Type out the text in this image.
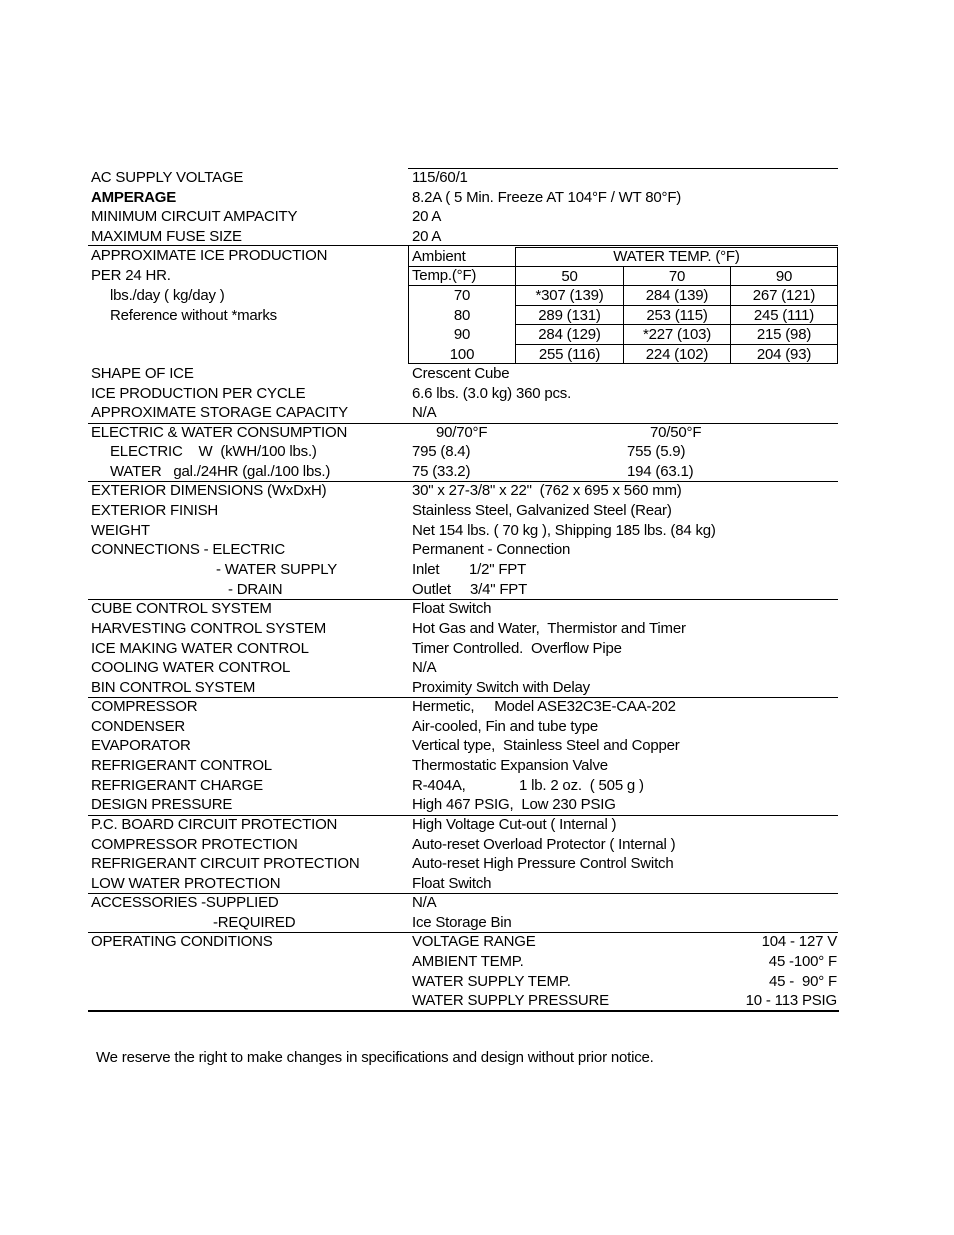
AC SUPPLY VOLTAGE	115/60/1
AMPERAGE	8.2A ( 5 Min. Freeze AT 104°F / WT 80°F)
MINIMUM CIRCUIT AMPACITY	20 A
MAXIMUM FUSE SIZE	20 A
APPROXIMATE ICE PRODUCTION
PER 24 HR.
lbs./day ( kg/day )
Reference without *marks
Ambient
Temp.(°F)
WATER TEMP. (°F)
50	70	90
70	*307 (139)	284 (139)	267 (121)
80	289 (131)	253 (115)	245 (111)
90	284 (129)	*227 (103)	215 (98)
100	255 (116)	224 (102)	204 (93)
SHAPE OF ICE	Crescent Cube
ICE PRODUCTION PER CYCLE	6.6 lbs. (3.0 kg) 360 pcs.
APPROXIMATE STORAGE CAPACITY	N/A
ELECTRIC & WATER CONSUMPTION	90/70°F	70/50°F
ELECTRIC    W  (kWH/100 lbs.)	795 (8.4)	755 (5.9)
WATER   gal./24HR (gal./100 lbs.)	75 (33.2)	194 (63.1)
EXTERIOR DIMENSIONS (WxDxH)	30" x 27-3/8" x 22"  (762 x 695 x 560 mm)
EXTERIOR FINISH	Stainless Steel, Galvanized Steel (Rear)
WEIGHT	Net 154 lbs. ( 70 kg ), Shipping 185 lbs. (84 kg)
CONNECTIONS - ELECTRIC	Permanent - Connection
- WATER SUPPLY	Inlet 1/2" FPT
- DRAIN	Outlet 3/4" FPT
CUBE CONTROL SYSTEM	Float Switch
HARVESTING CONTROL SYSTEM	Hot Gas and Water,  Thermistor and Timer
ICE MAKING WATER CONTROL	Timer Controlled.  Overflow Pipe
COOLING WATER CONTROL	N/A
BIN CONTROL SYSTEM	Proximity Switch with Delay
COMPRESSOR	Hermetic,     Model ASE32C3E-CAA-202
CONDENSER	Air-cooled, Fin and tube type
EVAPORATOR	Vertical type,  Stainless Steel and Copper
REFRIGERANT CONTROL	Thermostatic Expansion Valve
REFRIGERANT CHARGE	R-404A,	1 lb. 2 oz.  ( 505 g )
DESIGN PRESSURE	High 467 PSIG,  Low 230 PSIG
P.C. BOARD CIRCUIT PROTECTION	High Voltage Cut-out ( Internal )
COMPRESSOR PROTECTION	Auto-reset Overload Protector ( Internal )
REFRIGERANT CIRCUIT PROTECTION	Auto-reset High Pressure Control Switch
LOW WATER PROTECTION	Float Switch
ACCESSORIES -SUPPLIED	N/A
-REQUIRED	Ice Storage Bin
OPERATING CONDITIONS	VOLTAGE RANGE	104 - 127 V
AMBIENT TEMP.	45 -100° F
WATER SUPPLY TEMP.	45 -  90° F
WATER SUPPLY PRESSURE	10 - 113 PSIG
We reserve the right to make changes in specifications and design without prior notice.
